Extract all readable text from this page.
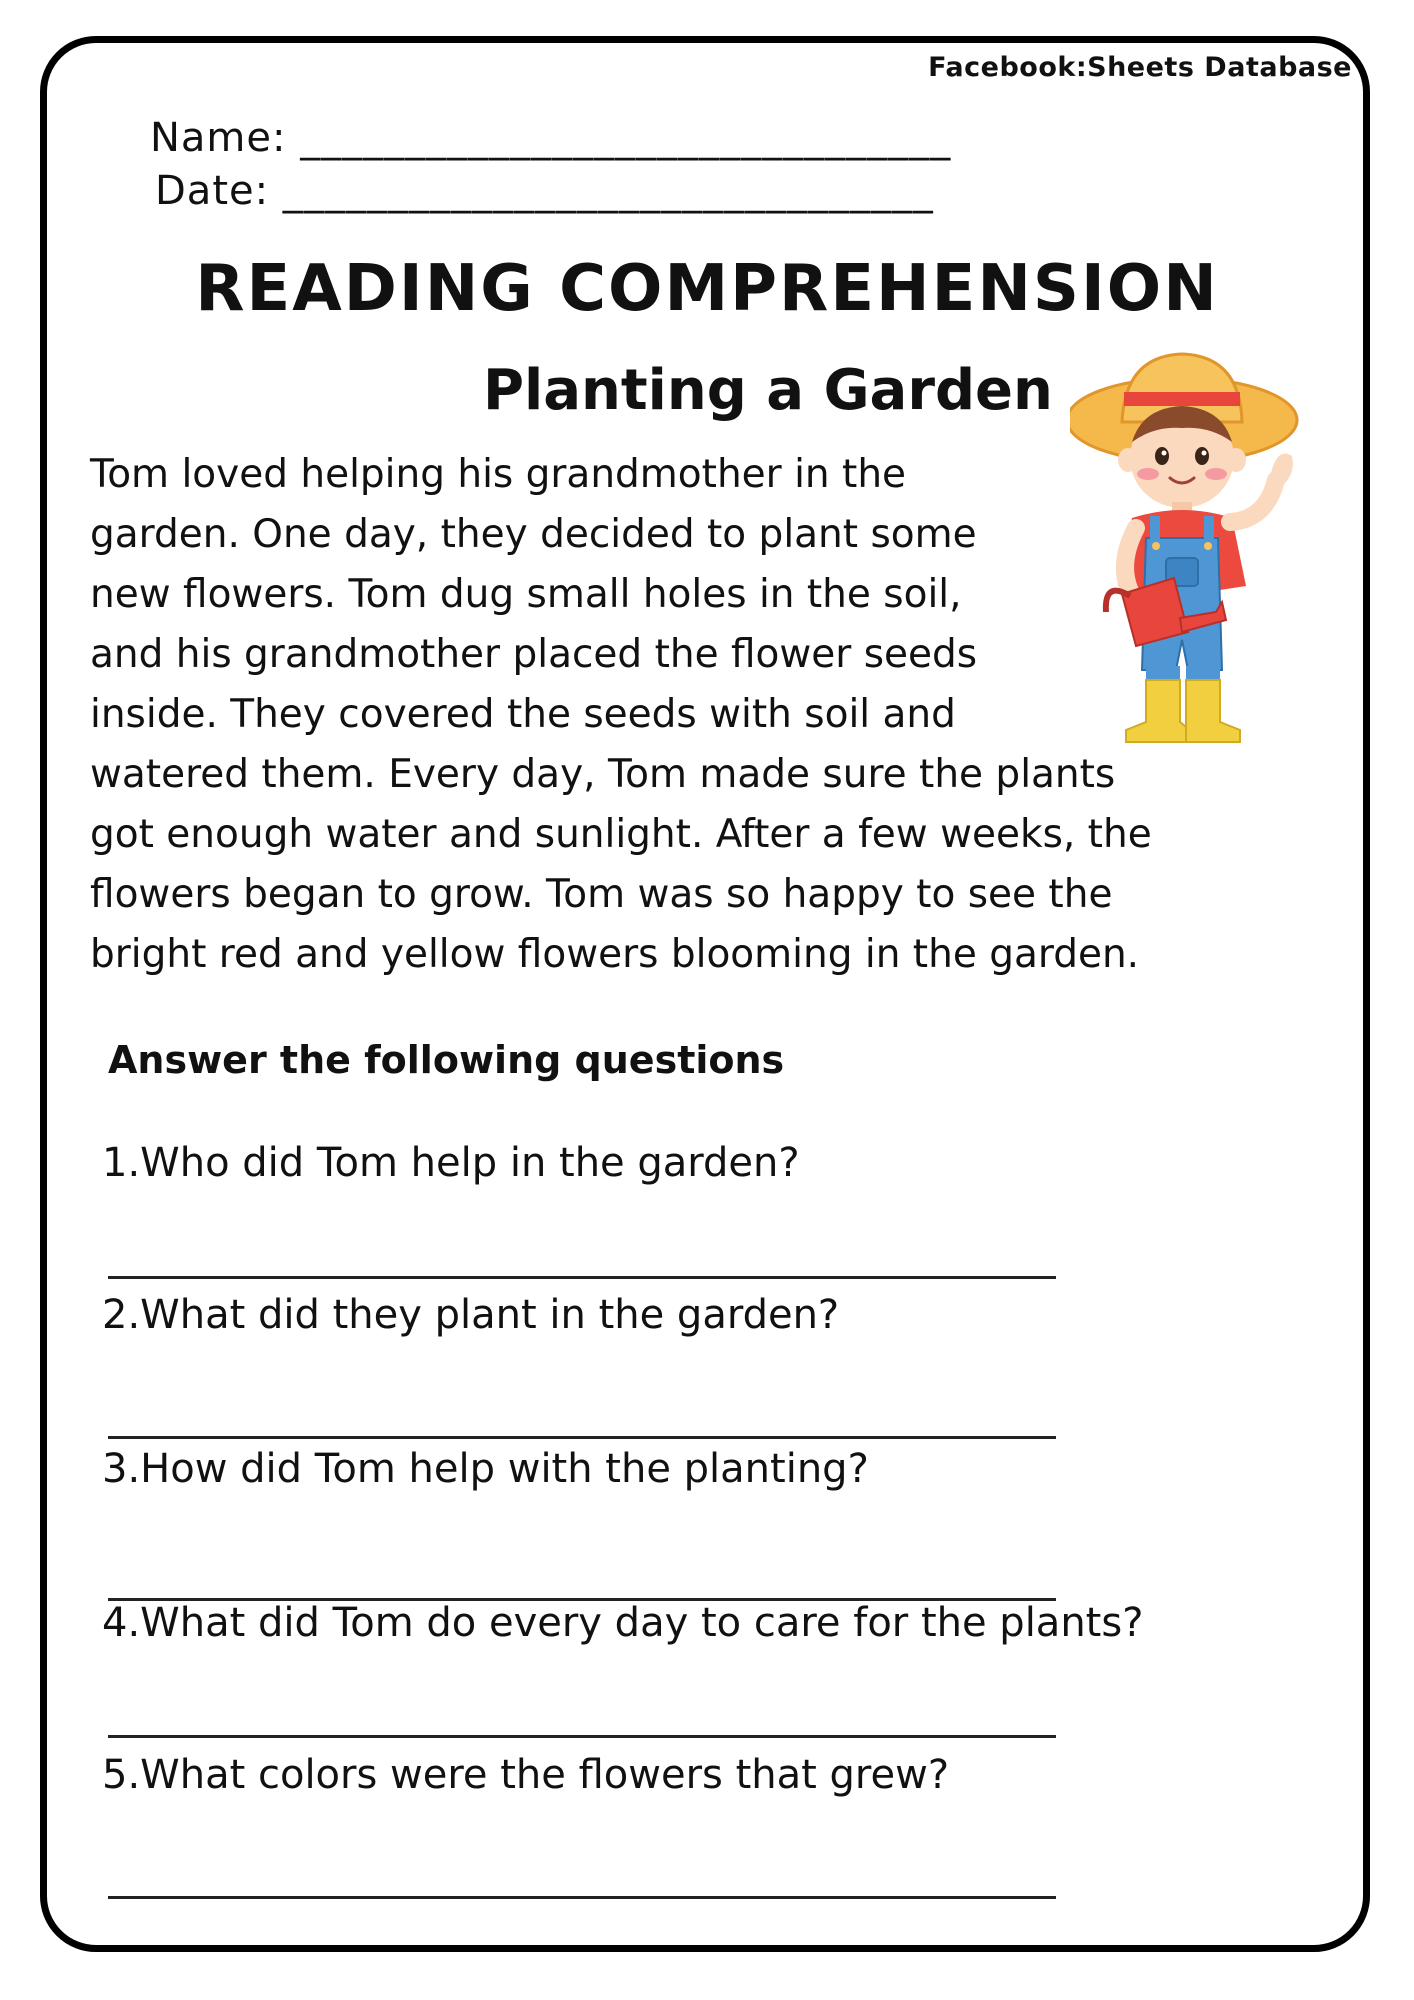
Facebook:Sheets Database
Name: _______________________________
Date: _______________________________
READING COMPREHENSION
Planting a Garden
Tom loved helping his grandmother in the
garden. One day, they decided to plant some
new flowers. Tom dug small holes in the soil,
and his grandmother placed the flower seeds
inside. They covered the seeds with soil and
watered them. Every day, Tom made sure the plants
got enough water and sunlight. After a few weeks, the
flowers began to grow. Tom was so happy to see the
bright red and yellow flowers blooming in the garden.
Answer the following questions
1.Who did Tom help in the garden?
2.What did they plant in the garden?
3.How did Tom help with the planting?
4.What did Tom do every day to care for the plants?
5.What colors were the flowers that grew?
